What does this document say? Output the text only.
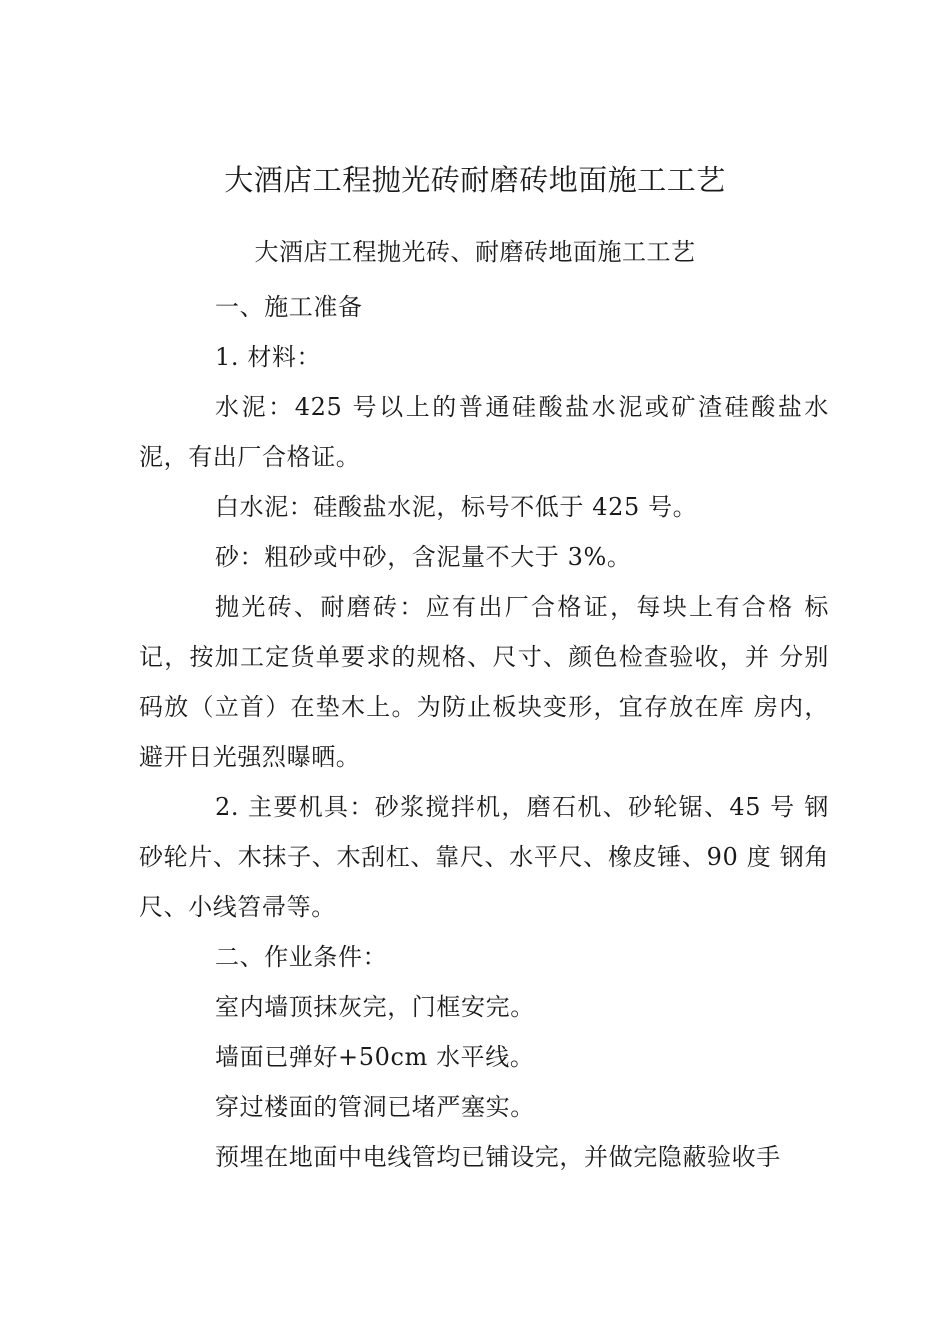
大酒店工程抛光砖耐磨砖地面施工工艺

大酒店工程抛光砖、耐磨砖地面施工工艺

一、施工准备

1. 材料：

水泥：425 号以上的普通硅酸盐水泥或矿渣硅酸盐水泥，有出厂合格证。

白水泥：硅酸盐水泥，标号不低于 425 号。

砂：粗砂或中砂，含泥量不大于 3%。

抛光砖、耐磨砖：应有出厂合格证，每块上有合格 标记，按加工定货单要求的规格、尺寸、颜色检查验收，并 分别码放（立首）在垫木上。为防止板块变形，宜存放在库 房内，避开日光强烈曝晒。

2. 主要机具：砂浆搅拌机，磨石机、砂轮锯、45 号 钢砂轮片、木抹子、木刮杠、靠尺、水平尺、橡皮锤、90 度 钢角尺、小线笤帚等。

二、作业条件：

室内墙顶抹灰完，门框安完。

墙面已弹好+50cm 水平线。

穿过楼面的管洞已堵严塞实。

预埋在地面中电线管均已铺设完，并做完隐蔽验收手
